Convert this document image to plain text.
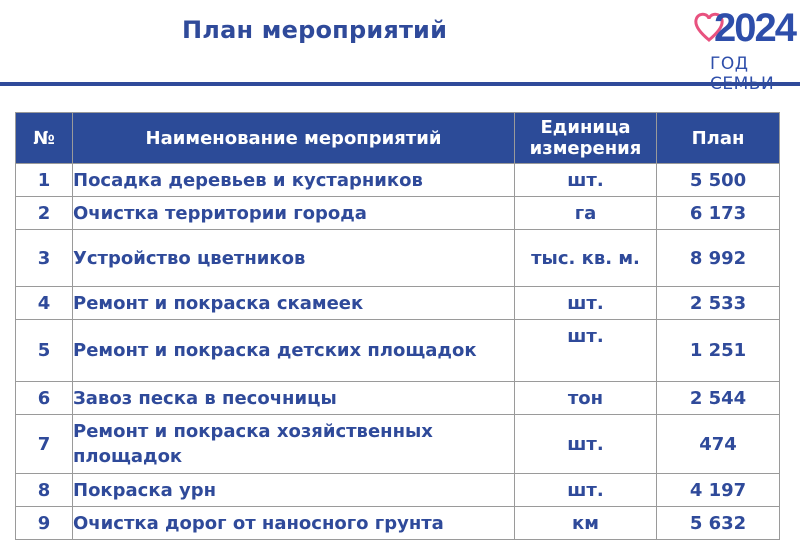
План мероприятий	2024
ГОД
№	Наименование мероприятий	Единица измерения	План
1	Посадка деревьев и кустарников	шт.	5 500
2	Очистка территории города	га	6 173
3	Устройство цветников	тыс. кв. м.	8 992
4	Ремонт и покраска скамеек	шт.	2 533
5	Ремонт и покраска детских площадок	шт.	1 251
6	Завоз песка в песочницы	тон	2 544
7	Ремонт и покраска хозяйственных площадок	шт.	474
8	Покраска урн	шт.	4 197
9	Очистка дорог от наносного грунта	км	5 632
